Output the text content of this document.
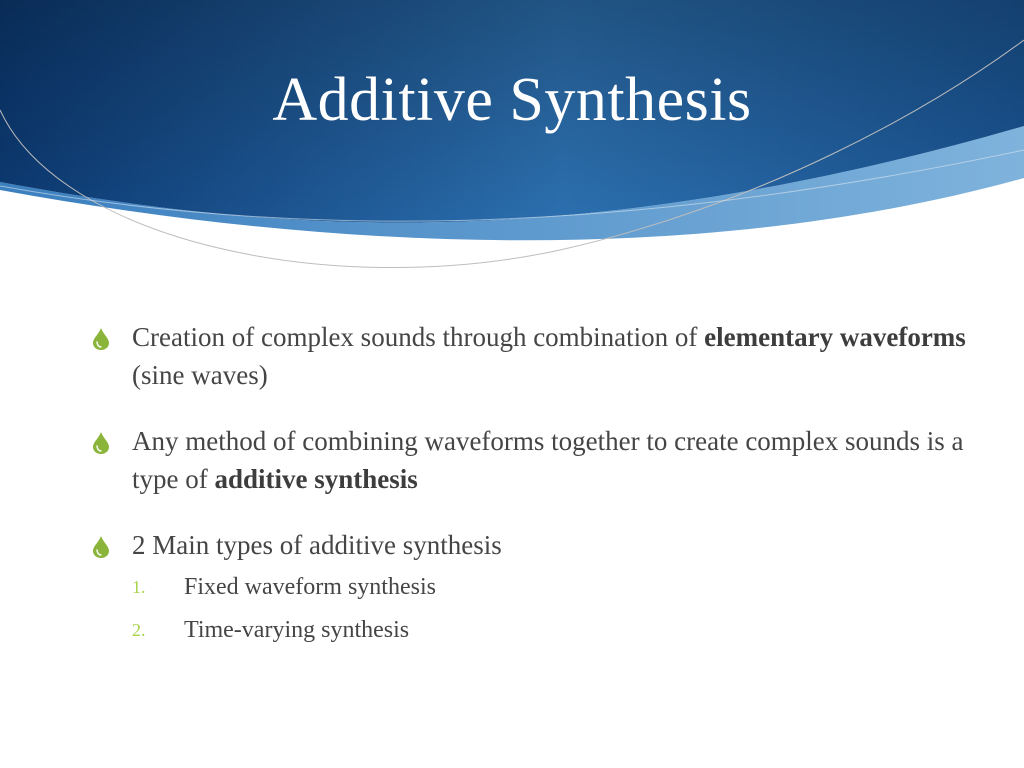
Additive Synthesis
Creation of complex sounds through combination of elementary waveforms (sine waves)
Any method of combining waveforms together to create complex sounds is a type of additive synthesis
2 Main types of additive synthesis
1. Fixed waveform synthesis
2. Time-varying synthesis
